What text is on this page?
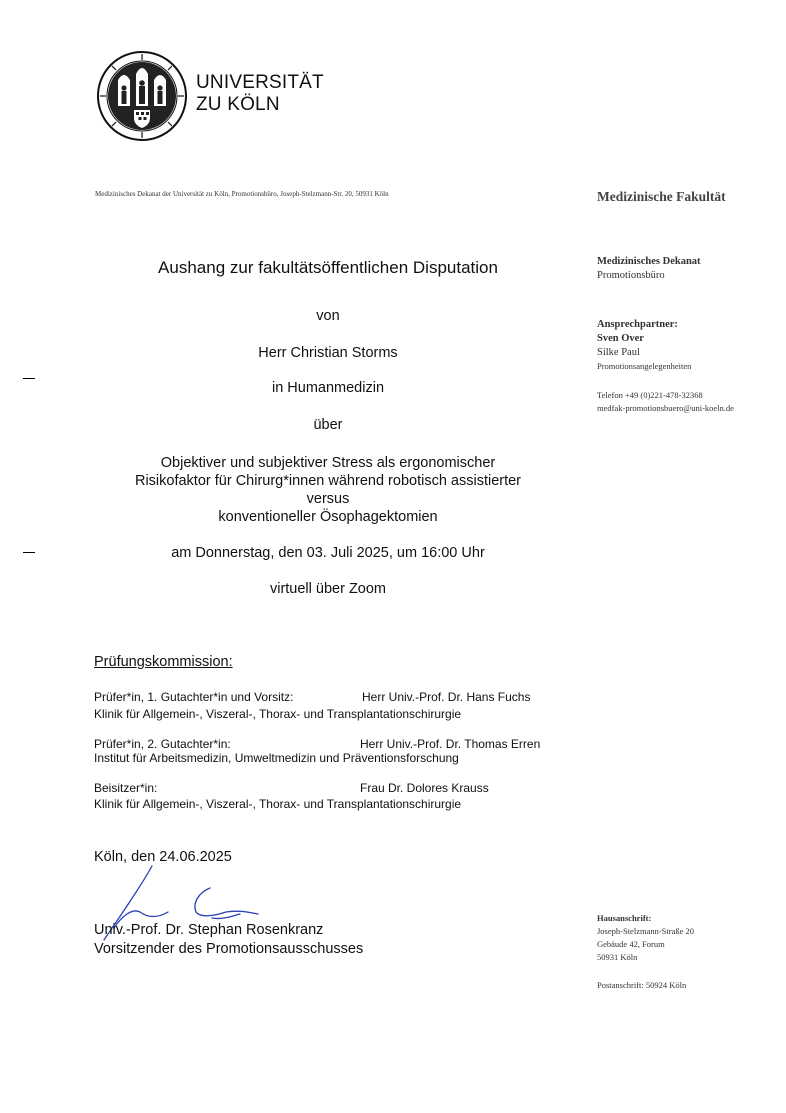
UNIVERSITÄT
ZU KÖLN
Medizinisches Dekanat der Universität zu Köln, Promotionsbüro, Joseph-Stelzmann-Str. 20, 50931 Köln	Medizinische Fakultät
Medizinisches Dekanat
Promotionsbüro
Ansprechpartner:
Sven Over
Silke Paul
Promotionsangelegenheiten
Telefon +49 (0)221-478-32368
medfak-promotionsbuero@uni-koeln.de
Hausanschrift:
Joseph-Stelzmann-Straße 20
Gebäude 42, Forum
50931 Köln
Postanschrift: 50924 Köln
Aushang zur fakultätsöffentlichen Disputation
von
Herr Christian Storms
in Humanmedizin
über
Objektiver und subjektiver Stress als ergonomischer
Risikofaktor für Chirurg*innen während robotisch assistierter
versus
konventioneller Ösophagektomien
am Donnerstag, den 03. Juli 2025, um 16:00 Uhr
virtuell über Zoom
Prüfungskommission:
Prüfer*in, 1. Gutachter*in und Vorsitz:	Herr Univ.-Prof. Dr. Hans Fuchs
Klinik für Allgemein-, Viszeral-, Thorax- und Transplantationschirurgie
Prüfer*in, 2. Gutachter*in:	Herr Univ.-Prof. Dr. Thomas Erren
Institut für Arbeitsmedizin, Umweltmedizin und Präventionsforschung
Beisitzer*in:	Frau Dr. Dolores Krauss
Klinik für Allgemein-, Viszeral-, Thorax- und Transplantationschirurgie
Köln, den 24.06.2025
Univ.-Prof. Dr. Stephan Rosenkranz
Vorsitzender des Promotionsausschusses
